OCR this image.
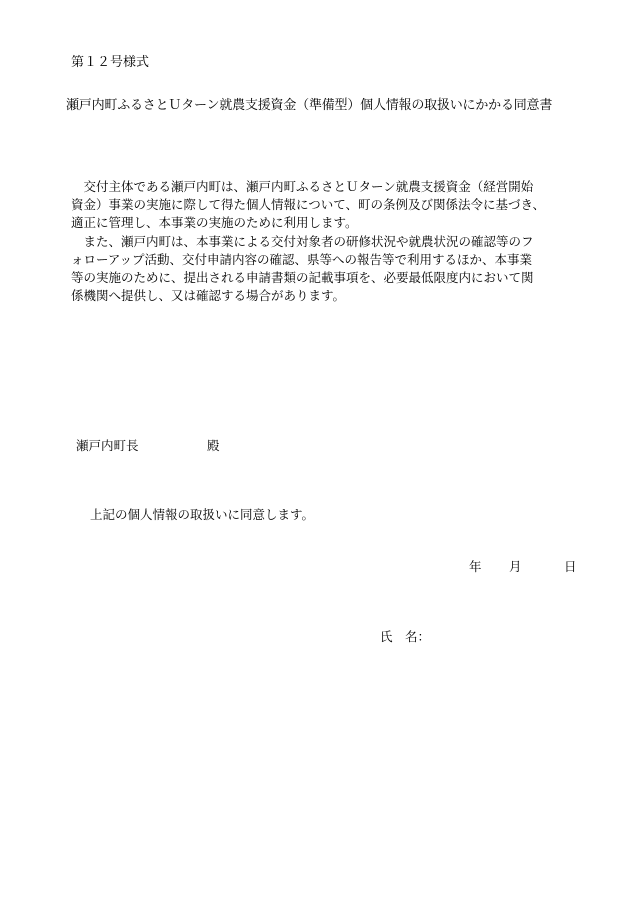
第１２号様式
瀬戸内町ふるさとＵターン就農支援資金（準備型）個人情報の取扱いにかかる同意書
　交付主体である瀬戸内町は、瀬戸内町ふるさとＵターン就農支援資金（経営開始
資金）事業の実施に際して得た個人情報について、町の条例及び関係法令に基づき、
適正に管理し、本事業の実施のために利用します。
　また、瀬戸内町は、本事業による交付対象者の研修状況や就農状況の確認等のフ
ォローアップ活動、交付申請内容の確認、県等への報告等で利用するほか、本事業
等の実施のために、提出される申請書類の記載事項を、必要最低限度内において関
係機関へ提供し、又は確認する場合があります。
瀬戸内町長	殿
上記の個人情報の取扱いに同意します。
年 月	日
氏　名：
